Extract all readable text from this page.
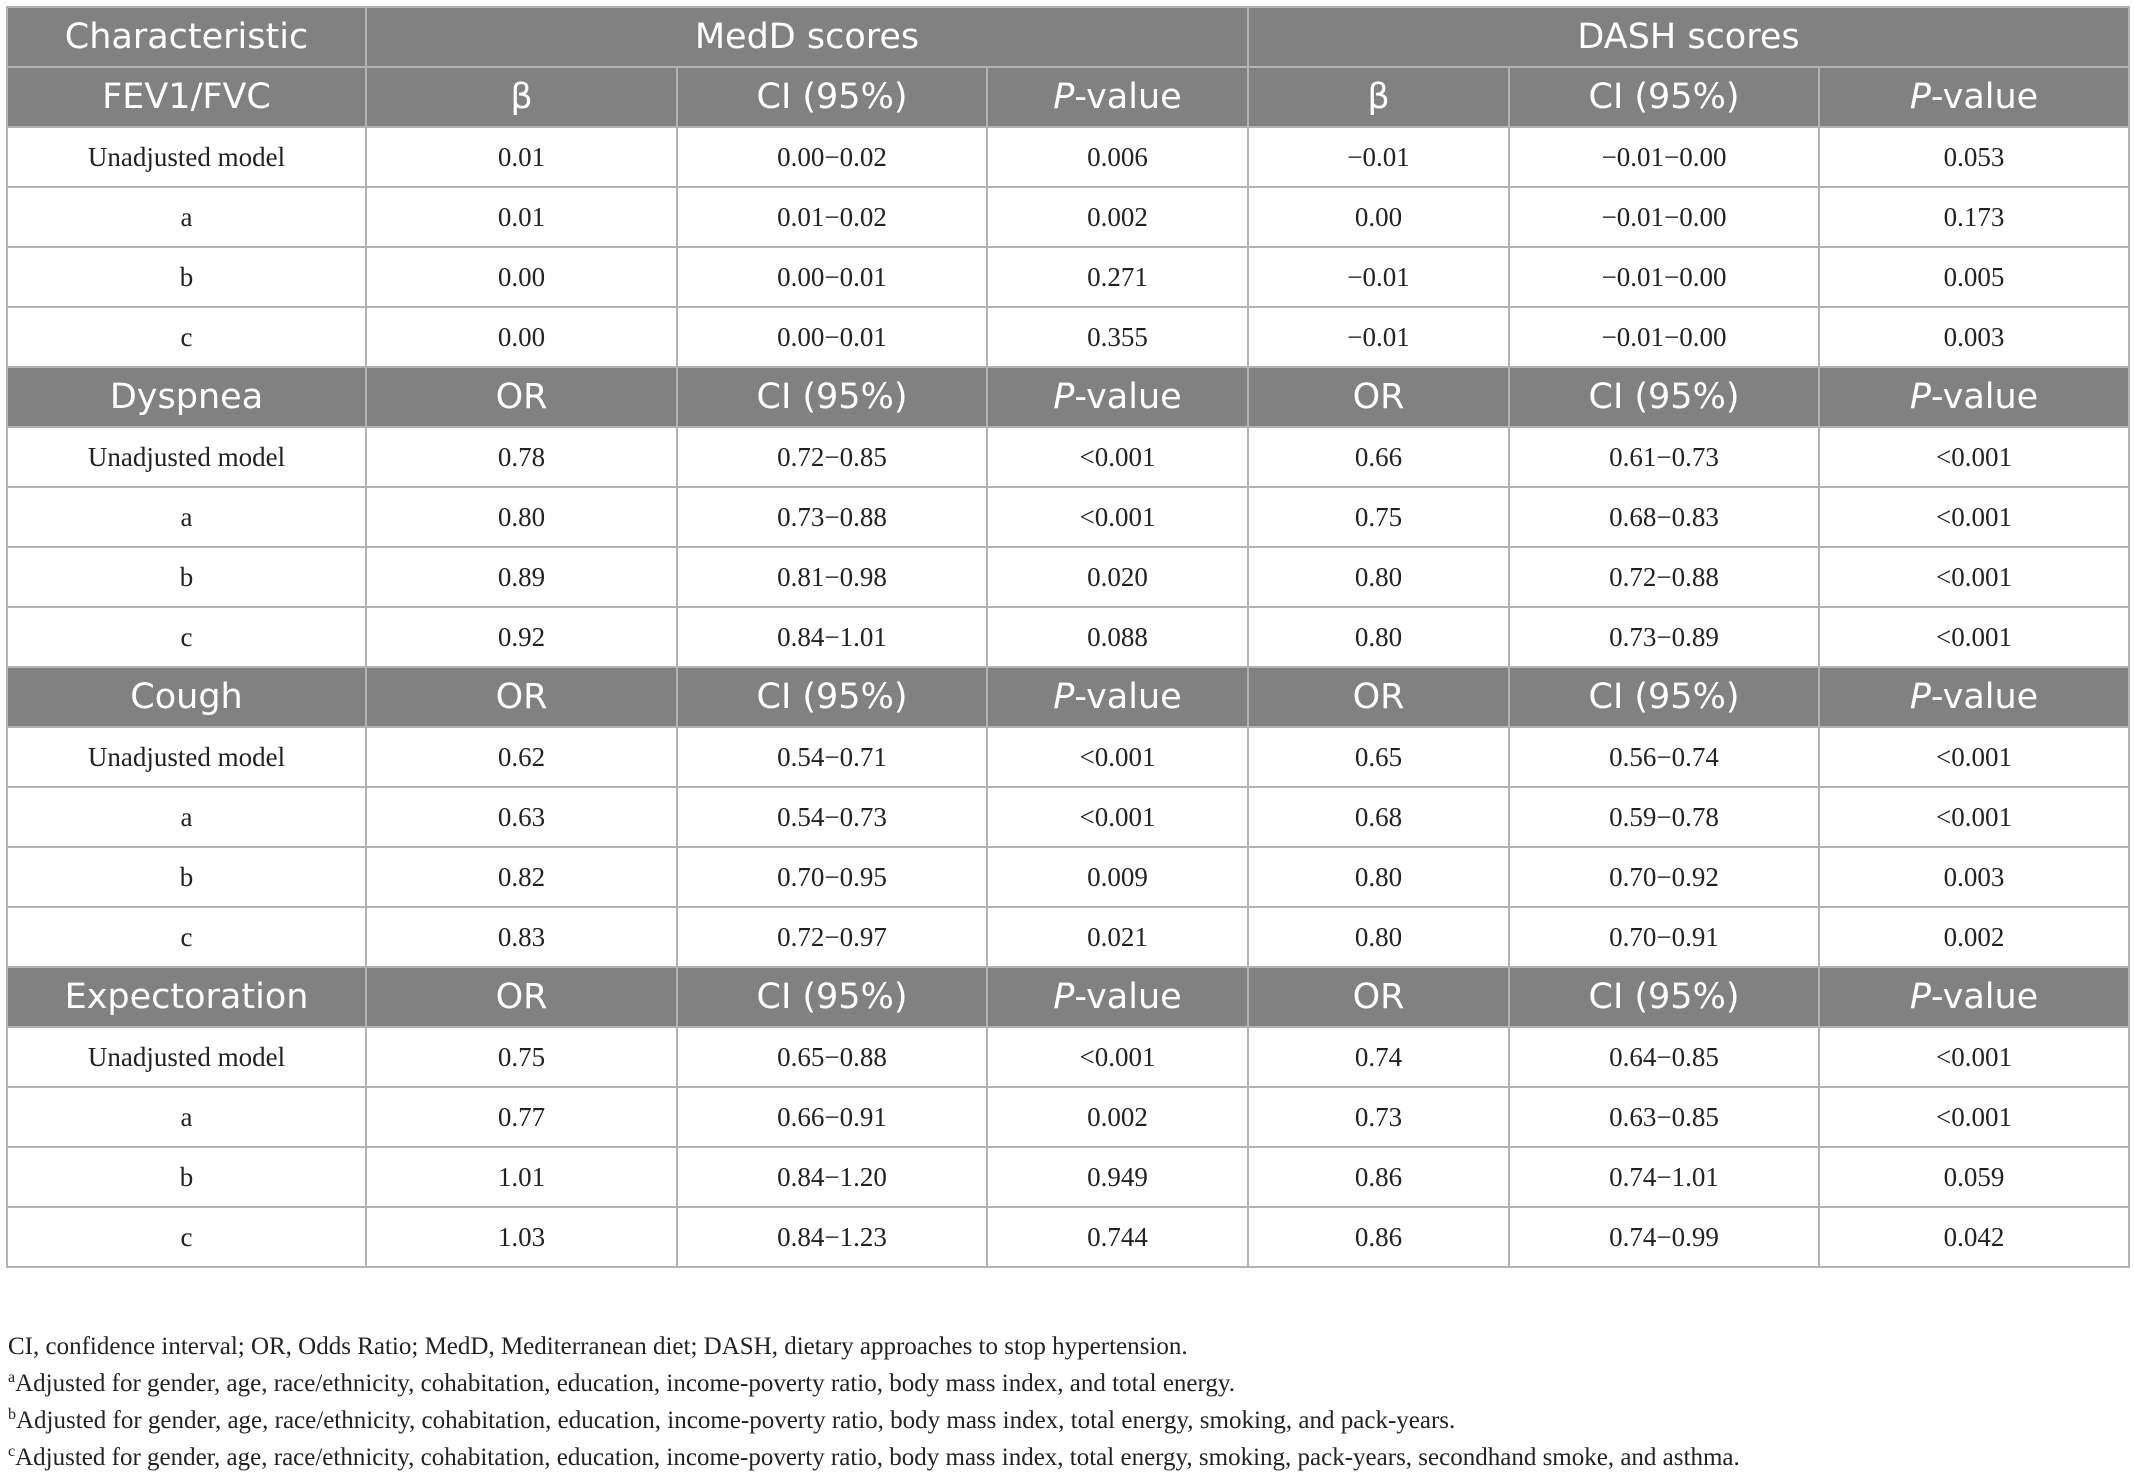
Characteristic	MedD scores			DASH scores		
FEV1/FVC	β	CI (95%)	P-value	β	CI (95%)	P-value
Unadjusted model	0.01	0.00−0.02	0.006	−0.01	−0.01−0.00	0.053
a	0.01	0.01−0.02	0.002	0.00	−0.01−0.00	0.173
b	0.00	0.00−0.01	0.271	−0.01	−0.01−0.00	0.005
c	0.00	0.00−0.01	0.355	−0.01	−0.01−0.00	0.003
Dyspnea	OR	CI (95%)	P-value	OR	CI (95%)	P-value
Unadjusted model	0.78	0.72−0.85	<0.001	0.66	0.61−0.73	<0.001
a	0.80	0.73−0.88	<0.001	0.75	0.68−0.83	<0.001
b	0.89	0.81−0.98	0.020	0.80	0.72−0.88	<0.001
c	0.92	0.84−1.01	0.088	0.80	0.73−0.89	<0.001
Cough	OR	CI (95%)	P-value	OR	CI (95%)	P-value
Unadjusted model	0.62	0.54−0.71	<0.001	0.65	0.56−0.74	<0.001
a	0.63	0.54−0.73	<0.001	0.68	0.59−0.78	<0.001
b	0.82	0.70−0.95	0.009	0.80	0.70−0.92	0.003
c	0.83	0.72−0.97	0.021	0.80	0.70−0.91	0.002
Expectoration	OR	CI (95%)	P-value	OR	CI (95%)	P-value
Unadjusted model	0.75	0.65−0.88	<0.001	0.74	0.64−0.85	<0.001
a	0.77	0.66−0.91	0.002	0.73	0.63−0.85	<0.001
b	1.01	0.84−1.20	0.949	0.86	0.74−1.01	0.059
c	1.03	0.84−1.23	0.744	0.86	0.74−0.99	0.042
CI, confidence interval; OR, Odds Ratio; MedD, Mediterranean diet; DASH, dietary approaches to stop hypertension.
$^a$Adjusted for gender, age, race/ethnicity, cohabitation, education, income-poverty ratio, body mass index, and total energy.
$^b$Adjusted for gender, age, race/ethnicity, cohabitation, education, income-poverty ratio, body mass index, total energy, smoking, and pack-years.
$^c$Adjusted for gender, age, race/ethnicity, cohabitation, education, income-poverty ratio, body mass index, total energy, smoking, pack-years, secondhand smoke, and asthma.
